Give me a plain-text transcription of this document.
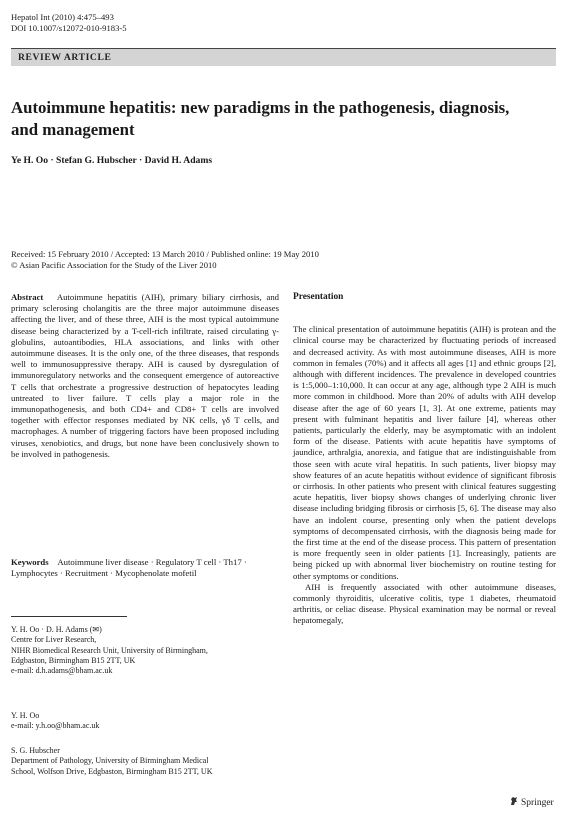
Hepatol Int (2010) 4:475–493
DOI 10.1007/s12072-010-9183-5
REVIEW ARTICLE
Autoimmune hepatitis: new paradigms in the pathogenesis, diagnosis, and management
Ye H. Oo · Stefan G. Hubscher · David H. Adams
Received: 15 February 2010 / Accepted: 13 March 2010 / Published online: 19 May 2010
© Asian Pacific Association for the Study of the Liver 2010

Abstract   Autoimmune hepatitis (AIH), primary biliary cirrhosis, and primary sclerosing cholangitis are the three major autoimmune diseases affecting the liver, and of these three, AIH is the most typical autoimmune disease being characterized by a T-cell-rich infiltrate, raised circulating γ-globulins, autoantibodies, HLA associations, and links with other autoimmune diseases. It is the only one, of the three diseases, that responds well to immunosuppressive therapy. AIH is caused by dysregulation of immunoregulatory networks and the consequent emergence of autoreactive T cells that orchestrate a progressive destruction of hepatocytes leading untreated to liver failure. T cells play a major role in the immunopathogenesis, and both CD4+ and CD8+ T cells are involved together with effector responses mediated by NK cells, γδ T cells, and macrophages. A number of triggering factors have been proposed including viruses, xenobiotics, and drugs, but none have been conclusively shown to be involved in pathogenesis.

Keywords  Autoimmune liver disease · Regulatory T cell · Th17 · Lymphocytes · Recruitment · Mycophenolate mofetil
Y. H. Oo · D. H. Adams (✉)
Centre for Liver Research,
NIHR Biomedical Research Unit, University of Birmingham,
Edgbaston, Birmingham B15 2TT, UK
e-mail: d.h.adams@bham.ac.uk
Y. H. Oo
e-mail: y.h.oo@bham.ac.uk
S. G. Hubscher
Department of Pathology, University of Birmingham Medical
School, Wolfson Drive, Edgbaston, Birmingham B15 2TT, UK
Presentation

The clinical presentation of autoimmune hepatitis (AIH) is protean and the clinical course may be characterized by fluctuating periods of increased and decreased activity. As with most autoimmune diseases, AIH is more common in females (70%) and it affects all ages [1] and ethnic groups [2], although with different incidences. The prevalence in developed countries is 1:5,000–1:10,000. It can occur at any age, although type 2 AIH is much more common in childhood. More than 20% of adults with AIH develop disease after the age of 60 years [1, 3]. At one extreme, patients may present with fulminant hepatitis and liver failure [4], whereas other patients, particularly the elderly, may be asymptomatic with an indolent form of the disease. Patients with acute hepatitis have symptoms of jaundice, arthralgia, anorexia, and fatigue that are indistinguishable from those seen with acute viral hepatitis. In such patients, liver biopsy may show features of an acute hepatitis without evidence of significant fibrosis or cirrhosis. In other patients who present with clinical features suggesting acute hepatitis, liver biopsy shows changes of underlying chronic liver disease including bridging fibrosis or cirrhosis [5, 6]. The disease may also have an indolent course, presenting only when the patient develops symptoms of decompensated cirrhosis, with the diagnosis being made for the first time at the end of the disease process. This pattern of presentation is more frequently seen in older patients [1]. Increasingly, patients are being picked up with abnormal liver biochemistry on routine testing for other symptoms or conditions.

AIH is frequently associated with other autoimmune diseases, commonly thyroiditis, ulcerative colitis, type 1 diabetes, rheumatoid arthritis, or celiac disease. Physical examination may be normal or reveal hepatomegaly,

Springer
